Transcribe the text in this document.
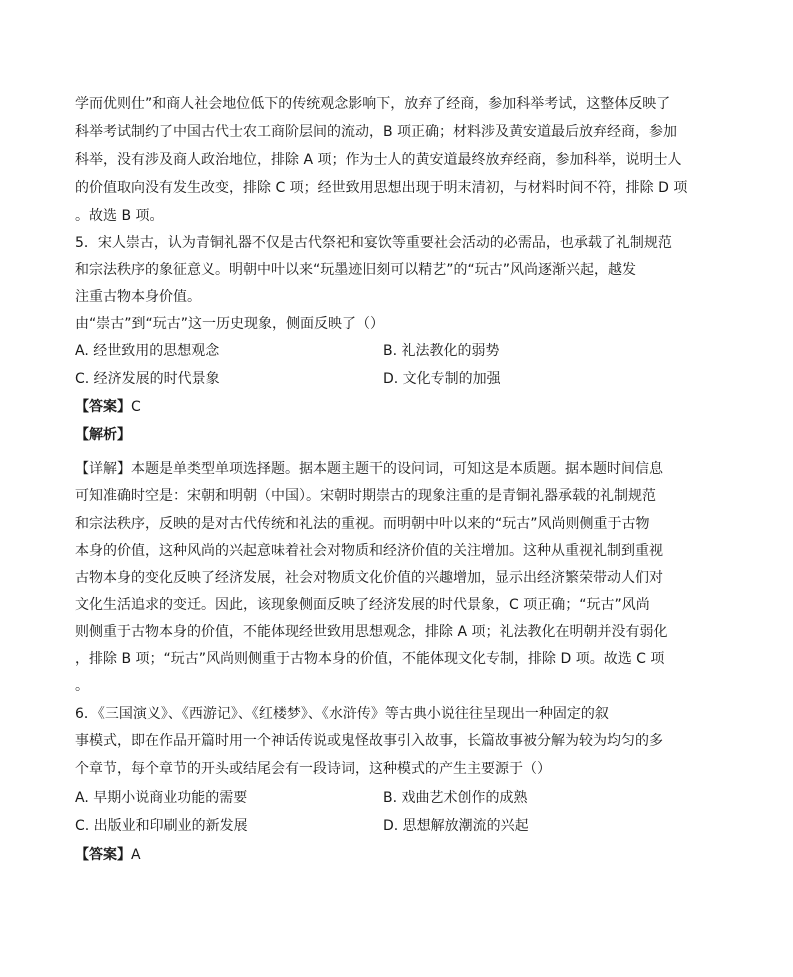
学而优则仕”和商人社会地位低下的传统观念影响下，放弃了经商，参加科举考试，这整体反映了
科举考试制约了中国古代士农工商阶层间的流动，B 项正确；材料涉及黄安道最后放弃经商，参加
科举，没有涉及商人政治地位，排除 A 项；作为士人的黄安道最终放弃经商，参加科举，说明士人
的价值取向没有发生改变，排除 C 项；经世致用思想出现于明末清初，与材料时间不符，排除 D 项
。故选 B 项。
5．宋人崇古，认为青铜礼器不仅是古代祭祀和宴饮等重要社会活动的必需品，也承载了礼制规范
和宗法秩序的象征意义。明朝中叶以来“玩墨迹旧刻可以精艺”的“玩古”风尚逐渐兴起，越发
注重古物本身价值。
由“崇古”到“玩古”这一历史现象，侧面反映了（）
A. 经世致用的思想观念	B. 礼法教化的弱势
C. 经济发展的时代景象	D. 文化专制的加强
【答案】C
【解析】
【详解】本题是单类型单项选择题。据本题主题干的设问词，可知这是本质题。据本题时间信息
可知准确时空是：宋朝和明朝（中国）。宋朝时期崇古的现象注重的是青铜礼器承载的礼制规范
和宗法秩序，反映的是对古代传统和礼法的重视。而明朝中叶以来的“玩古”风尚则侧重于古物
本身的价值，这种风尚的兴起意味着社会对物质和经济价值的关注增加。这种从重视礼制到重视
古物本身的变化反映了经济发展，社会对物质文化价值的兴趣增加，显示出经济繁荣带动人们对
文化生活追求的变迁。因此，该现象侧面反映了经济发展的时代景象，C 项正确；“玩古”风尚
则侧重于古物本身的价值，不能体现经世致用思想观念，排除 A 项；礼法教化在明朝并没有弱化
，排除 B 项；“玩古”风尚则侧重于古物本身的价值，不能体现文化专制，排除 D 项。故选 C 项
。
6．《三国演义》、《西游记》、《红楼梦》、《水浒传》等古典小说往往呈现出一种固定的叙
事模式，即在作品开篇时用一个神话传说或鬼怪故事引入故事，长篇故事被分解为较为均匀的多
个章节，每个章节的开头或结尾会有一段诗词，这种模式的产生主要源于（）
A. 早期小说商业功能的需要	B. 戏曲艺术创作的成熟
C. 出版业和印刷业的新发展	D. 思想解放潮流的兴起
【答案】A
